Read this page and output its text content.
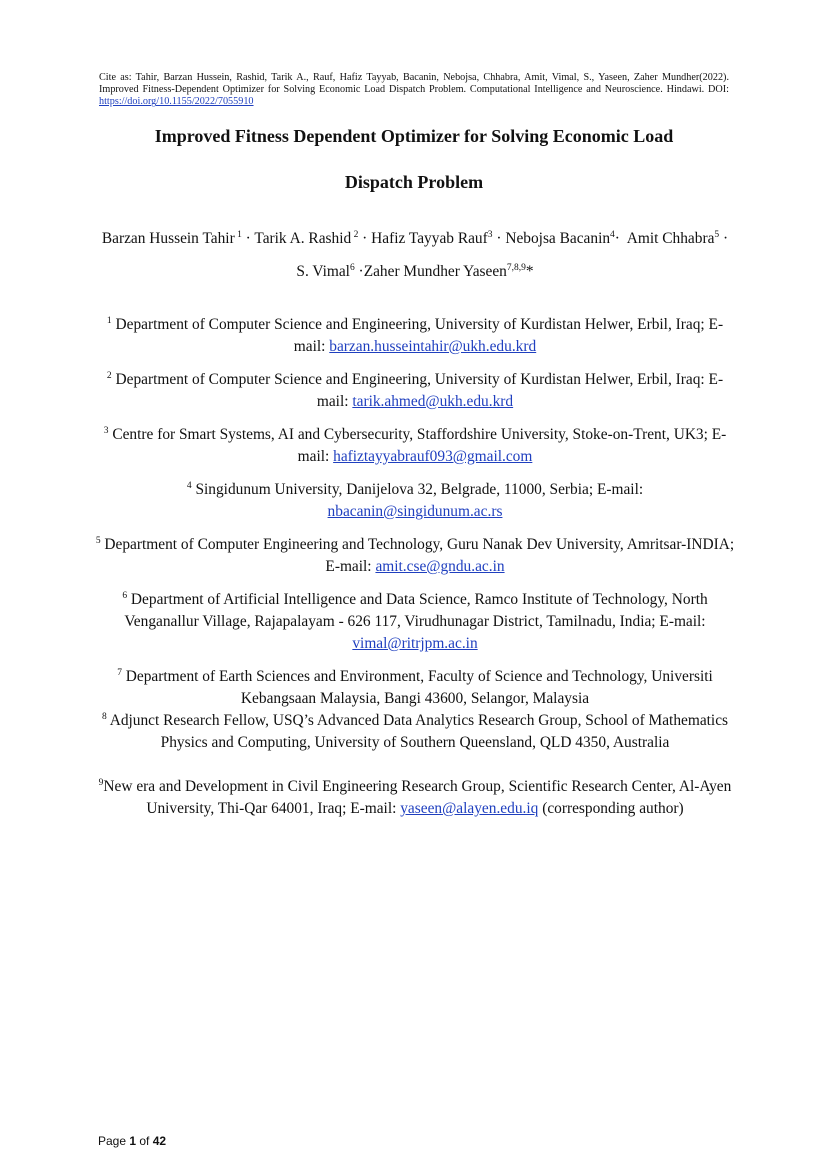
Cite as: Tahir, Barzan Hussein, Rashid, Tarik A., Rauf, Hafiz Tayyab, Bacanin, Nebojsa, Chhabra, Amit, Vimal, S., Yaseen, Zaher Mundher(2022). Improved Fitness-Dependent Optimizer for Solving Economic Load Dispatch Problem. Computational Intelligence and Neuroscience. Hindawi. DOI: https://doi.org/10.1155/2022/7055910
Improved Fitness Dependent Optimizer for Solving Economic Load
Dispatch Problem
Barzan Hussein Tahir $^1$ · Tarik A. Rashid $^2$ · Hafiz Tayyab Rauf$^3$ · Nebojsa Bacanin$^4$·  Amit Chhabra$^5$ · S. Vimal$^6$ ·Zaher Mundher Yaseen$^{7,8,9}$*
$^1$ Department of Computer Science and Engineering, University of Kurdistan Helwer, Erbil, Iraq; E-mail: barzan.husseintahir@ukh.edu.krd
$^2$ Department of Computer Science and Engineering, University of Kurdistan Helwer, Erbil, Iraq: E-mail: tarik.ahmed@ukh.edu.krd
$^3$ Centre for Smart Systems, AI and Cybersecurity, Staffordshire University, Stoke-on-Trent, UK3; E-mail: hafiztayyabrauf093@gmail.com
$^4$ Singidunum University, Danijelova 32, Belgrade, 11000, Serbia; E-mail:
nbacanin@singidunum.ac.rs
$^5$ Department of Computer Engineering and Technology, Guru Nanak Dev University, Amritsar-INDIA; E-mail: amit.cse@gndu.ac.in
$^6$ Department of Artificial Intelligence and Data Science, Ramco Institute of Technology, North Venganallur Village, Rajapalayam - 626 117, Virudhunagar District, Tamilnadu, India; E-mail: vimal@ritrjpm.ac.in
$^7$ Department of Earth Sciences and Environment, Faculty of Science and Technology, Universiti Kebangsaan Malaysia, Bangi 43600, Selangor, Malaysia
$^8$ Adjunct Research Fellow, USQ’s Advanced Data Analytics Research Group, School of Mathematics Physics and Computing, University of Southern Queensland, QLD 4350, Australia
$^9$New era and Development in Civil Engineering Research Group, Scientific Research Center, Al-Ayen University, Thi-Qar 64001, Iraq; E-mail: yaseen@alayen.edu.iq (corresponding author)
Page 1 of 42
